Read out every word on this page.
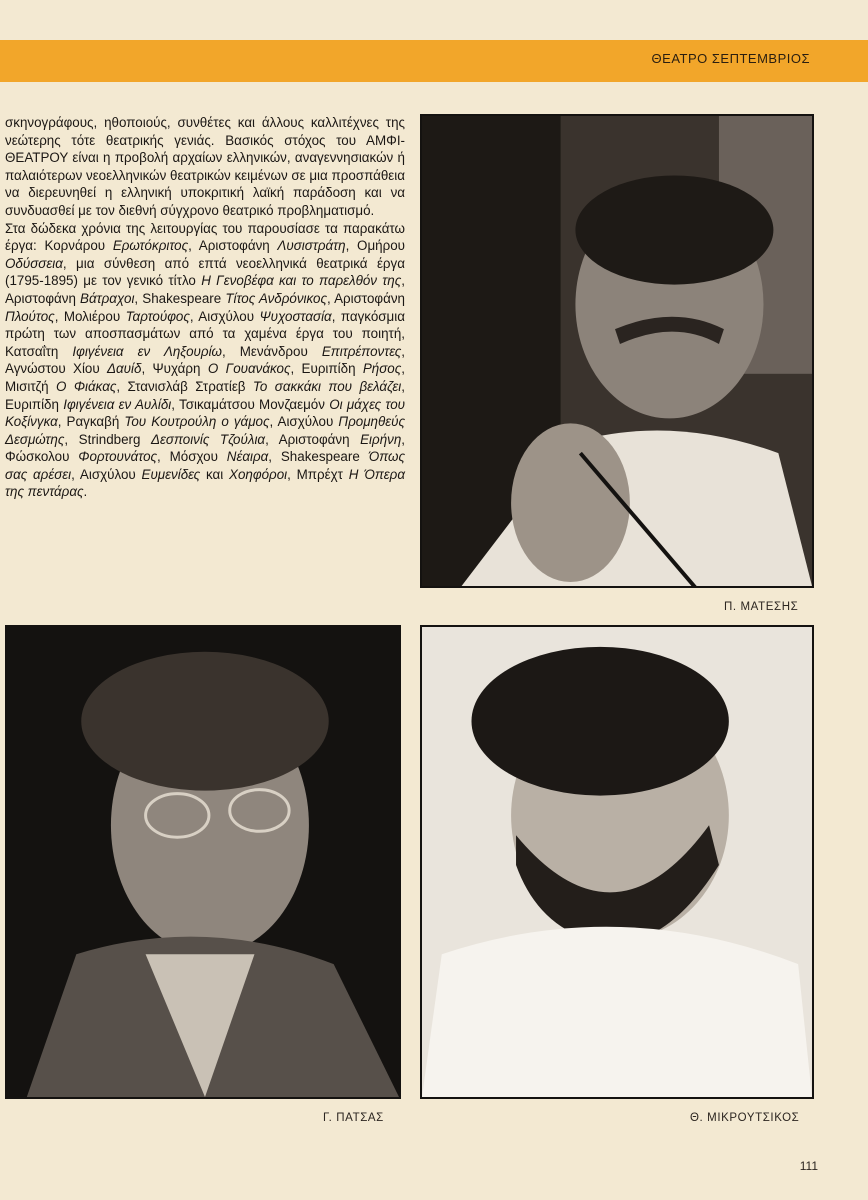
ΘΕΑΤΡΟ ΣΕΠΤΕΜΒΡΙΟΣ

σκηνογράφους, ηθοποιούς, συνθέτες και άλλους καλλιτέχνες της νεώτερης τότε θεατρικής γενιάς. Βασικός στόχος του ΑΜΦΙ-ΘΕΑΤΡΟΥ είναι η προβολή αρχαίων ελληνικών, αναγεννησιακών ή παλαιότερων νεοελληνικών θεατρικών κειμένων σε μια προσπάθεια να διερευνηθεί η ελληνική υποκριτική λαϊκή παράδοση και να συνδυασθεί με τον διεθνή σύγχρονο θεατρικό προβληματισμό.

Στα δώδεκα χρόνια της λειτουργίας του παρουσίασε τα παρακάτω έργα: Κορνάρου Ερωτόκριτος, Αριστοφάνη Λυσιστράτη, Ομήρου Οδύσσεια, μια σύνθεση από επτά νεοελληνικά θεατρικά έργα (1795-1895) με τον γενικό τίτλο Η Γενοβέφα και το παρελθόν της, Αριστοφάνη Βάτραχοι, Shakespeare Τίτος Ανδρόνικος, Αριστοφάνη Πλούτος, Μολιέρου Ταρτούφος, Αισχύλου Ψυχοστασία, παγκόσμια πρώτη των αποσπασμάτων από τα χαμένα έργα του ποιητή, Κατσαΐτη Ιφιγένεια εν Ληξουρίω, Μενάνδρου Επιτρέποντες, Αγνώστου Χίου Δαυίδ, Ψυχάρη Ο Γουανάκος, Ευριπίδη Ρήσος, Μισιτζή Ο Φιάκας, Στανισλάβ Στρατίεβ Το σακκάκι που βελάζει, Ευριπίδη Ιφιγένεια εν Αυλίδι, Τσικαμάτσου Μονζαεμόν Οι μάχες του Κοξίνγκα, Ραγκαβή Του Κουτρούλη ο γάμος, Αισχύλου Προμηθεύς Δεσμώτης, Strindberg Δεσποινίς Τζούλια, Αριστοφάνη Ειρήνη, Φώσκολου Φορτουνάτος, Μόσχου Νέαιρα, Shakespeare Όπως σας αρέσει, Αισχύλου Ευμενίδες και Χοηφόροι, Μπρέχτ Η Όπερα της πεντάρας.

Π. ΜΑΤΕΣΗΣ
Γ. ΠΑΤΣΑΣ	Θ. ΜΙΚΡΟΥΤΣΙΚΟΣ
111
